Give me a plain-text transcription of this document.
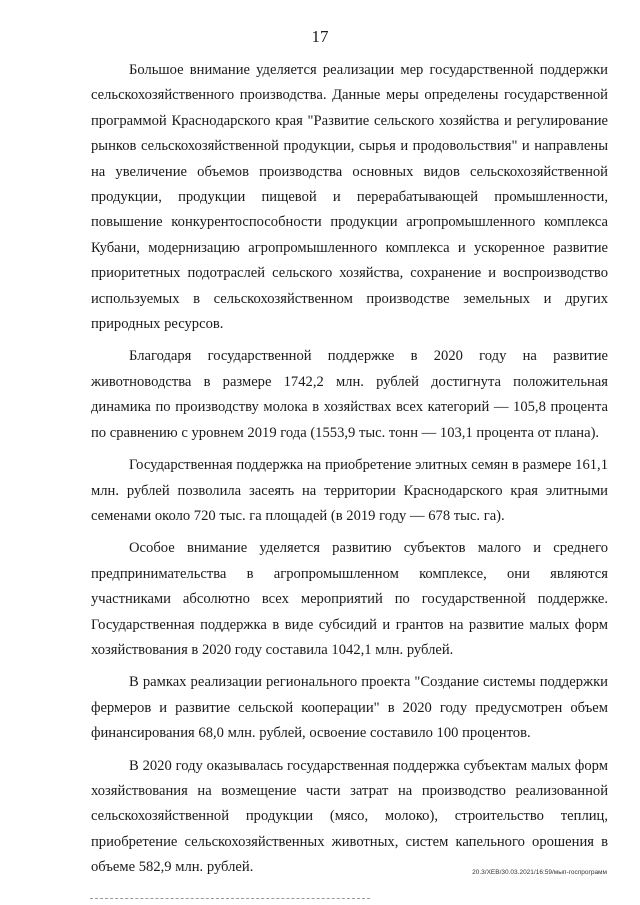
17

Большое внимание уделяется реализации мер государственной поддержки сельскохозяйственного производства. Данные меры определены государственной программой Краснодарского края "Развитие сельского хозяйства и регулирование рынков сельскохозяйственной продукции, сырья и продовольствия" и направлены на увеличение объемов производства основных видов сельскохозяйственной продукции, продукции пищевой и перерабатывающей промышленности, повышение конкурентоспособности продукции агропромышленного комплекса Кубани, модернизацию агропромышленного комплекса и ускоренное развитие приоритетных подотраслей сельского хозяйства, сохранение и воспроизводство используемых в сельскохозяйственном производстве земельных и других природных ресурсов.

Благодаря государственной поддержке в 2020 году на развитие животноводства в размере 1742,2 млн. рублей достигнута положительная динамика по производству молока в хозяйствах всех категорий — 105,8 процента по сравнению с уровнем 2019 года (1553,9 тыс. тонн — 103,1 процента от плана).

Государственная поддержка на приобретение элитных семян в размере 161,1 млн. рублей позволила засеять на территории Краснодарского края элитными семенами около 720 тыс. га площадей (в 2019 году — 678 тыс. га).

Особое внимание уделяется развитию субъектов малого и среднего предпринимательства в агропромышленном комплексе, они являются участниками абсолютно всех мероприятий по государственной поддержке. Государственная поддержка в виде субсидий и грантов на развитие малых форм хозяйствования в 2020 году составила 1042,1 млн. рублей.

В рамках реализации регионального проекта "Создание системы поддержки фермеров и развитие сельской кооперации" в 2020 году предусмотрен объем финансирования 68,0 млн. рублей, освоение составило 100 процентов.

В 2020 году оказывалась государственная поддержка субъектам малых форм хозяйствования на возмещение части затрат на производство реализованной сельскохозяйственной продукции (мясо, молоко), строительство теплиц, приобретение сельскохозяйственных животных, систем капельного орошения в объеме 582,9 млн. рублей.	20.3/ХЕВ/30.03.2021/16:59/мып-госпрограмм
